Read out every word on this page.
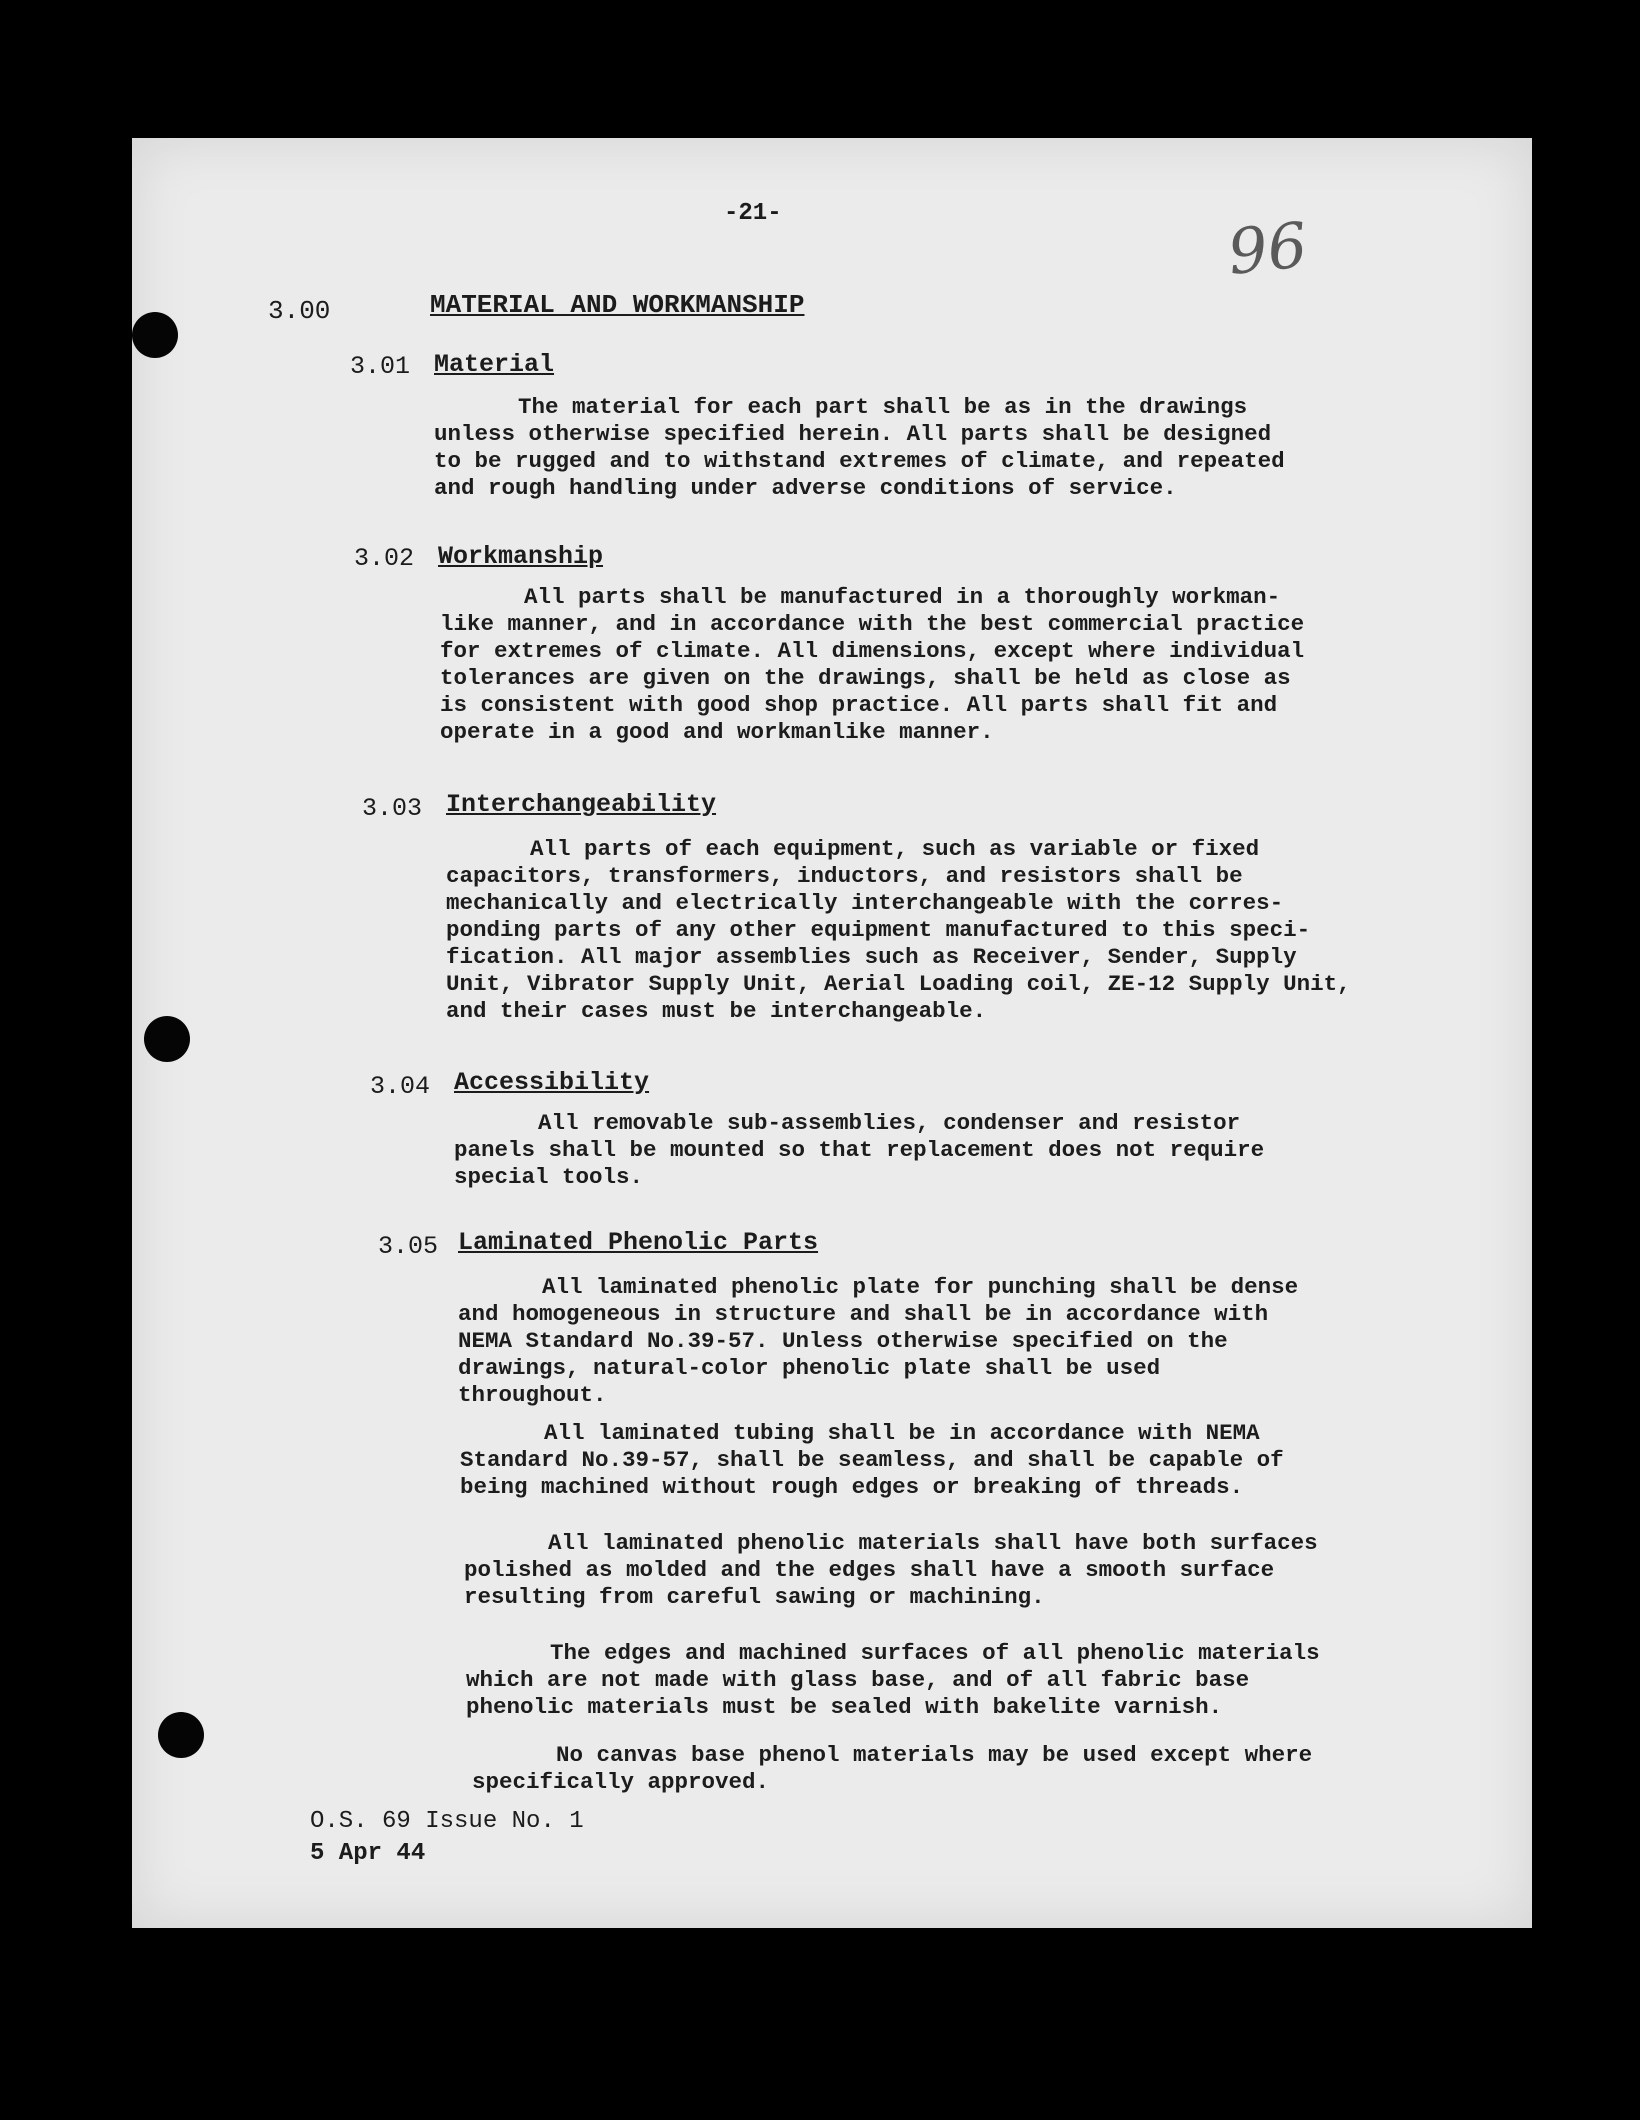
-21-	96
3.00	MATERIAL AND WORKMANSHIP
3.01 Material

The material for each part shall be as in the drawings unless otherwise specified herein. All parts shall be designed to be rugged and to withstand extremes of climate, and repeated and rough handling under adverse conditions of service.

3.02 Workmanship

All parts shall be manufactured in a thoroughly workman-like manner, and in accordance with the best commercial practice for extremes of climate. All dimensions, except where individual tolerances are given on the drawings, shall be held as close as is consistent with good shop practice. All parts shall fit and operate in a good and workmanlike manner.

3.03 Interchangeability

All parts of each equipment, such as variable or fixed capacitors, transformers, inductors, and resistors shall be mechanically and electrically interchangeable with the corres-ponding parts of any other equipment manufactured to this speci-fication. All major assemblies such as Receiver, Sender, Supply Unit, Vibrator Supply Unit, Aerial Loading coil, ZE-12 Supply Unit, and their cases must be interchangeable.

3.04 Accessibility

All removable sub-assemblies, condenser and resistor panels shall be mounted so that replacement does not require special tools.

3.05 Laminated Phenolic Parts

All laminated phenolic plate for punching shall be dense and homogeneous in structure and shall be in accordance with NEMA Standard No.39-57. Unless otherwise specified on the drawings, natural-color phenolic plate shall be used throughout.

All laminated tubing shall be in accordance with NEMA Standard No.39-57, shall be seamless, and shall be capable of being machined without rough edges or breaking of threads.

All laminated phenolic materials shall have both surfaces polished as molded and the edges shall have a smooth surface resulting from careful sawing or machining.

The edges and machined surfaces of all phenolic materials which are not made with glass base, and of all fabric base phenolic materials must be sealed with bakelite varnish.

No canvas base phenol materials may be used except where specifically approved.

O.S. 69 Issue No. 1
5 Apr 44
